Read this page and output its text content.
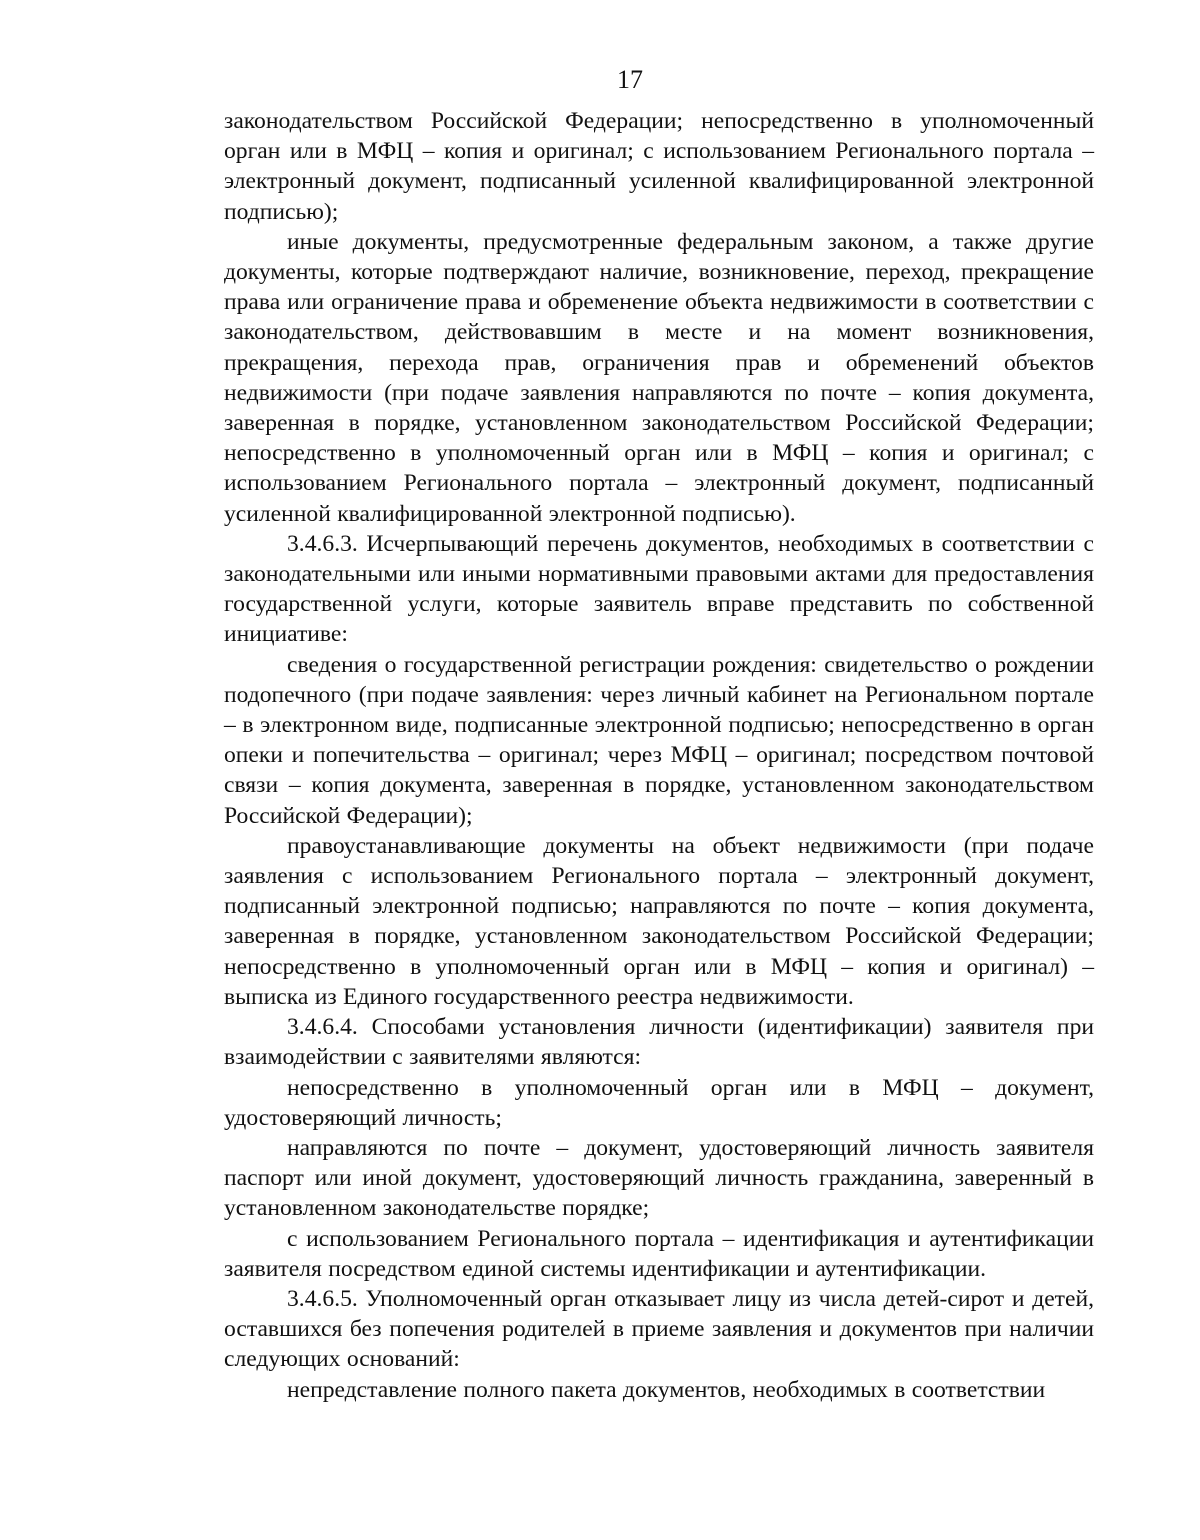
17

законодательством Российской Федерации; непосредственно в уполномоченный орган или в МФЦ – копия и оригинал; с использованием Регионального портала – электронный документ, подписанный усиленной квалифицированной электронной подписью);

иные документы, предусмотренные федеральным законом, а также другие документы, которые подтверждают наличие, возникновение, переход, прекращение права или ограничение права и обременение объекта недвижимости в соответствии с законодательством, действовавшим в месте и на момент возникновения, прекращения, перехода прав, ограничения прав и обременений объектов недвижимости (при подаче заявления направляются по почте – копия документа, заверенная в порядке, установленном законодательством Российской Федерации; непосредственно в уполномоченный орган или в МФЦ – копия и оригинал; с использованием Регионального портала – электронный документ, подписанный усиленной квалифицированной электронной подписью).

3.4.6.3. Исчерпывающий перечень документов, необходимых в соответствии с законодательными или иными нормативными правовыми актами для предоставления государственной услуги, которые заявитель вправе представить по собственной инициативе:

сведения о государственной регистрации рождения: свидетельство о рождении подопечного (при подаче заявления: через личный кабинет на Региональном портале – в электронном виде, подписанные электронной подписью; непосредственно в орган опеки и попечительства – оригинал; через МФЦ – оригинал; посредством почтовой связи – копия документа, заверенная в порядке, установленном законодательством Российской Федерации);

правоустанавливающие документы на объект недвижимости (при подаче заявления с использованием Регионального портала – электронный документ, подписанный электронной подписью; направляются по почте – копия документа, заверенная в порядке, установленном законодательством Российской Федерации; непосредственно в уполномоченный орган или в МФЦ – копия и оригинал) – выписка из Единого государственного реестра недвижимости.

3.4.6.4. Способами установления личности (идентификации) заявителя при взаимодействии с заявителями являются:

непосредственно в уполномоченный орган или в МФЦ – документ, удостоверяющий личность;

направляются по почте – документ, удостоверяющий личность заявителя паспорт или иной документ, удостоверяющий личность гражданина, заверенный в установленном законодательстве порядке;

с использованием Регионального портала – идентификация и аутентификации заявителя посредством единой системы идентификации и аутентификации.

3.4.6.5. Уполномоченный орган отказывает лицу из числа детей-сирот и детей, оставшихся без попечения родителей в приеме заявления и документов при наличии следующих оснований:

непредставление полного пакета документов, необходимых в соответствии
